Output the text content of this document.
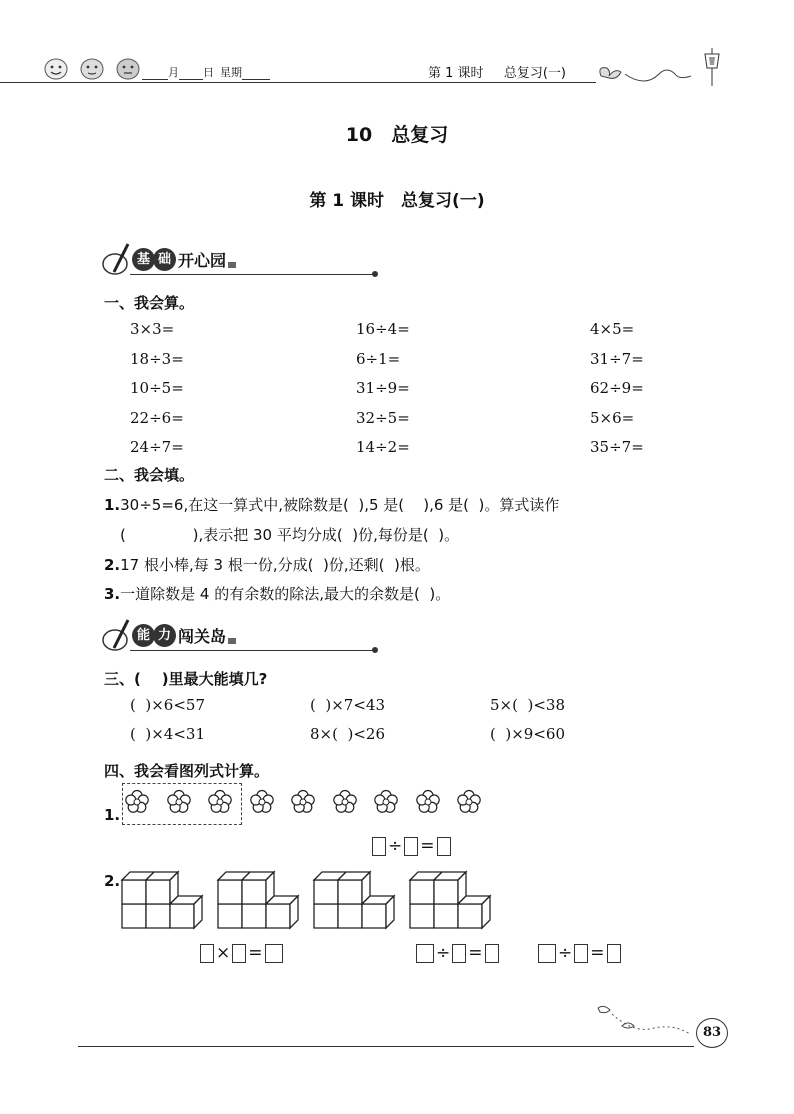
月 日 星期	第 1 课时 总复习(一)
10　总复习
第 1 课时　总复习(一)
基 础 开心园
一、我会算。
3×3=	16÷4=	4×5=
18÷3=	6÷1=	31÷7=
10÷5=	31÷9=	62÷9=
22÷6=	32÷5=	5×6=
24÷7=	14÷2=	35÷7=
二、我会填。
1.30÷5=6,在这一算式中,被除数是(  ),5 是(    ),6 是(  )。算式读作
(              ),表示把 30 平均分成(  )份,每份是(  )。
2.17 根小棒,每 3 根一份,分成(  )份,还剩(  )根。
3.一道除数是 4 的有余数的除法,最大的余数是(  )。
能 力 闯关岛
三、(    )里最大能填几?
(  )×6<57	(  )×7<43	5×(  )<38
(  )×4<31	8×(  )<26	(  )×9<60
四、我会看图列式计算。
1.
÷ =
2.
× =	÷ =	÷ =
83
